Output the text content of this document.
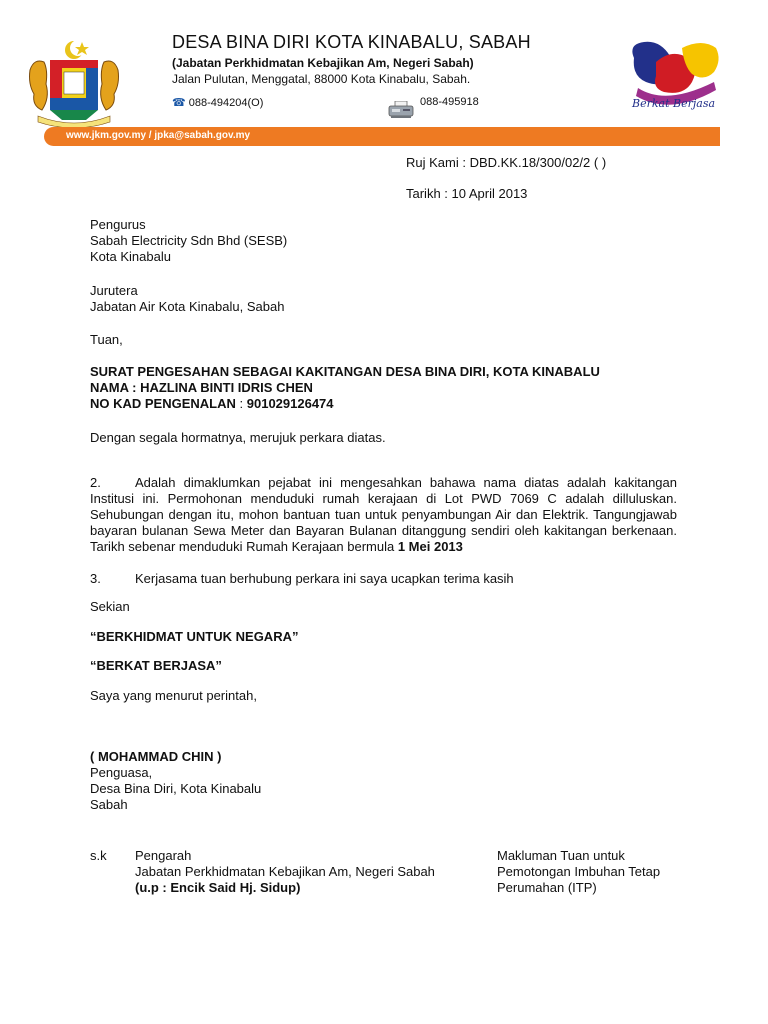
DESA BINA DIRI KOTA KINABALU, SABAH
(Jabatan Perkhidmatan Kebajikan Am, Negeri Sabah)
Jalan Pulutan, Menggatal, 88000 Kota Kinabalu, Sabah.
☎ 088-494204(O)	088-495918	Berkat Berjasa
www.jkm.gov.my / jpka@sabah.gov.my
Ruj Kami : DBD.KK.18/300/02/2 ( )
Tarikh : 10 April 2013
Pengurus
Sabah Electricity Sdn Bhd (SESB)
Kota Kinabalu
Jurutera
Jabatan Air Kota Kinabalu, Sabah
Tuan,
SURAT PENGESAHAN SEBAGAI KAKITANGAN DESA BINA DIRI, KOTA KINABALU
NAMA : HAZLINA BINTI IDRIS CHEN
NO KAD PENGENALAN : 901029126474
Dengan segala hormatnya, merujuk perkara diatas.
2.	Adalah dimaklumkan pejabat ini mengesahkan bahawa nama diatas adalah kakitangan Institusi ini. Permohonan menduduki rumah kerajaan di Lot PWD 7069 C adalah dilluluskan. Sehubungan dengan itu, mohon bantuan tuan untuk penyambungan Air dan Elektrik. Tangungjawab bayaran bulanan Sewa Meter dan Bayaran Bulanan ditanggung sendiri oleh kakitangan berkenaan. Tarikh sebenar menduduki Rumah Kerajaan bermula 1 Mei 2013
3.	Kerjasama tuan berhubung perkara ini saya ucapkan terima kasih
Sekian
“BERKHIDMAT UNTUK NEGARA”
“BERKAT BERJASA”
Saya yang menurut perintah,
( MOHAMMAD CHIN )
Penguasa,
Desa Bina Diri, Kota Kinabalu
Sabah
s.k Pengarah
Jabatan Perkhidmatan Kebajikan Am, Negeri Sabah
(u.p : Encik Said Hj. Sidup)
Makluman Tuan untuk
Pemotongan Imbuhan Tetap
Perumahan (ITP)
